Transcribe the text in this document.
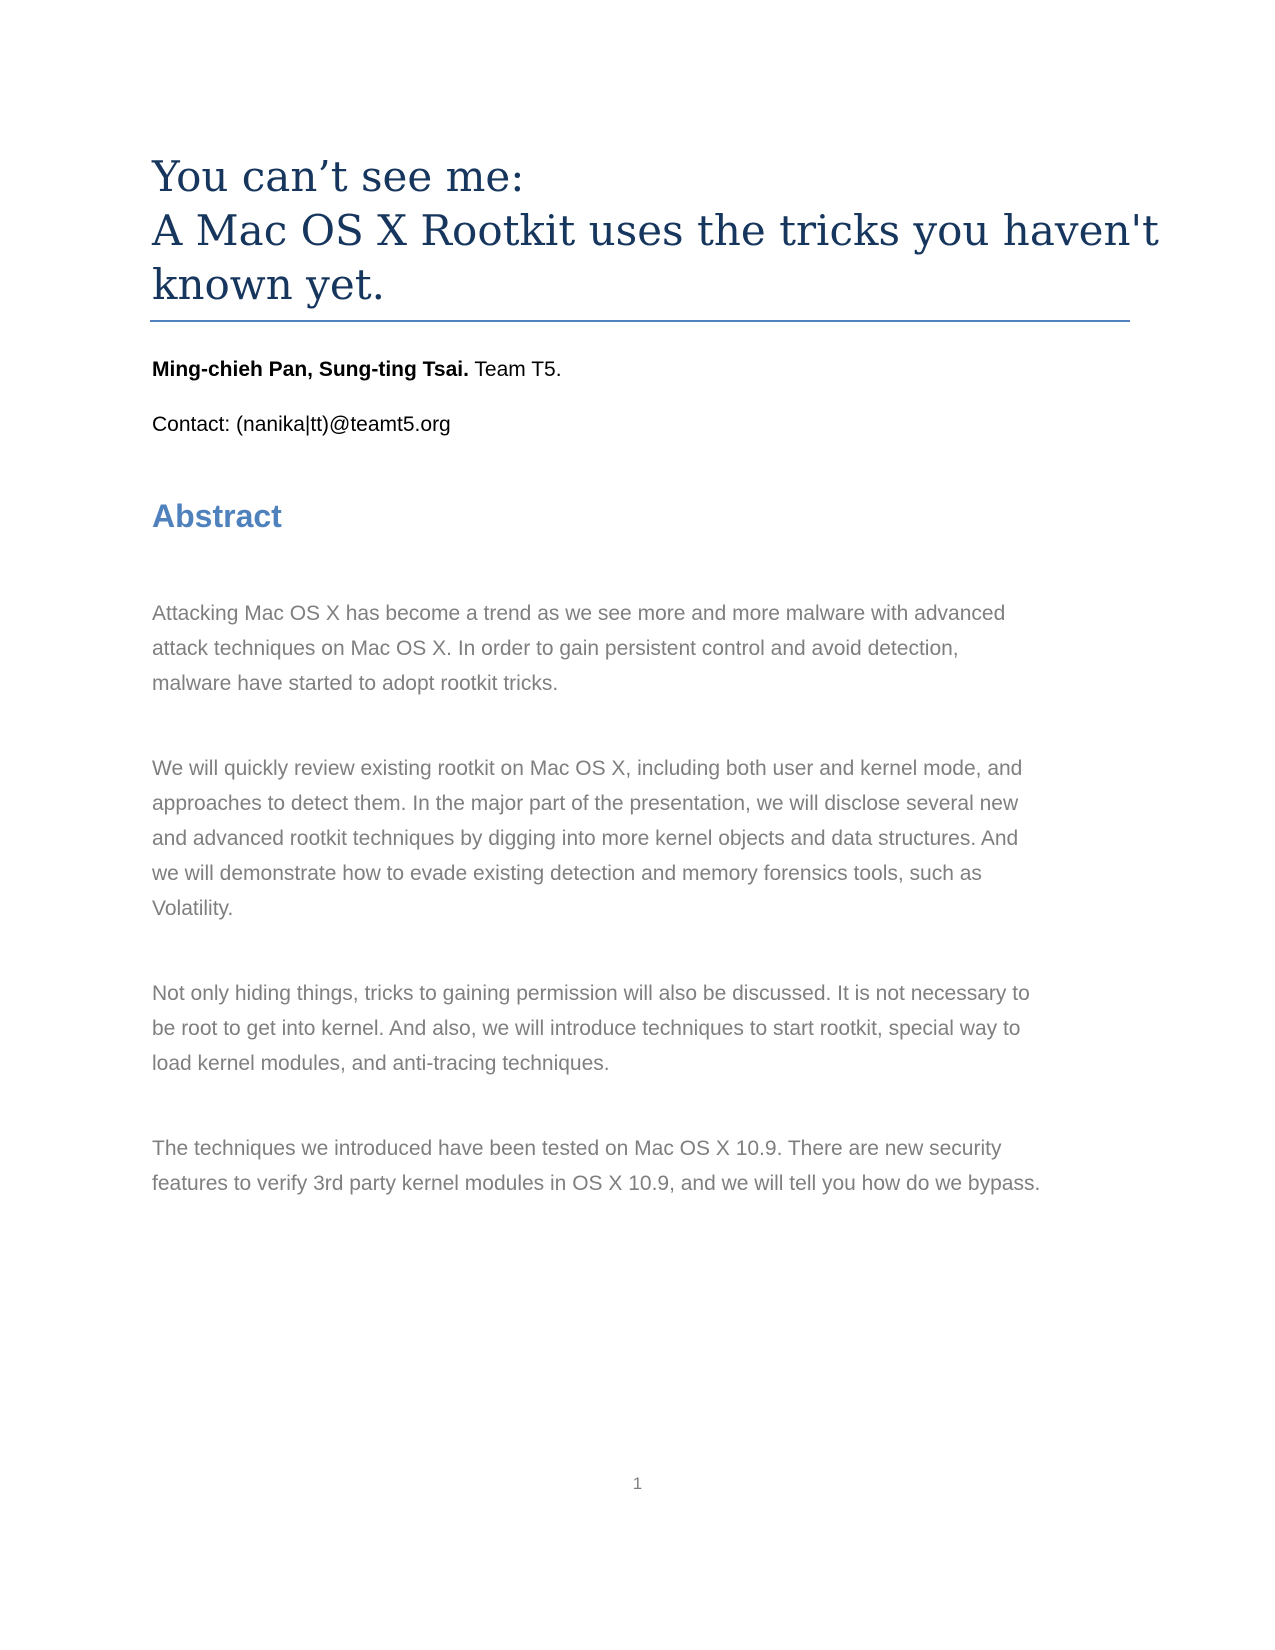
You can’t see me:
A Mac OS X Rootkit uses the tricks you haven't
known yet.
Ming-chieh Pan, Sung-ting Tsai. Team T5.
Contact: (nanika|tt)@teamt5.org
Abstract

Attacking Mac OS X has become a trend as we see more and more malware with advanced
attack techniques on Mac OS X. In order to gain persistent control and avoid detection,
malware have started to adopt rootkit tricks.

We will quickly review existing rootkit on Mac OS X, including both user and kernel mode, and
approaches to detect them. In the major part of the presentation, we will disclose several new
and advanced rootkit techniques by digging into more kernel objects and data structures. And
we will demonstrate how to evade existing detection and memory forensics tools, such as
Volatility.

Not only hiding things, tricks to gaining permission will also be discussed. It is not necessary to
be root to get into kernel. And also, we will introduce techniques to start rootkit, special way to
load kernel modules, and anti-tracing techniques.

The techniques we introduced have been tested on Mac OS X 10.9. There are new security
features to verify 3rd party kernel modules in OS X 10.9, and we will tell you how do we bypass.

1
